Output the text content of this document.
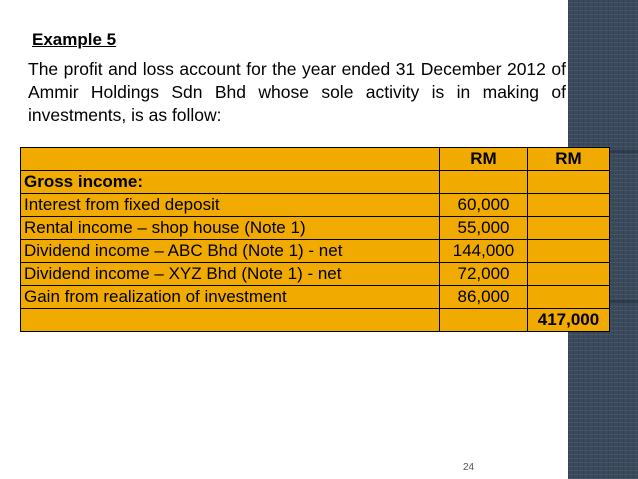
Example 5
The profit and loss account for the year ended 31 December 2012 of Ammir Holdings Sdn Bhd whose sole activity is in making of investments, is as follow:
	RM	RM
Gross income:		
Interest from fixed deposit	60,000	
Rental income – shop house (Note 1)	55,000	
Dividend income – ABC Bhd (Note 1) - net	144,000	
Dividend income – XYZ Bhd (Note 1) - net	72,000	
Gain from realization of investment	86,000	
		417,000
24
